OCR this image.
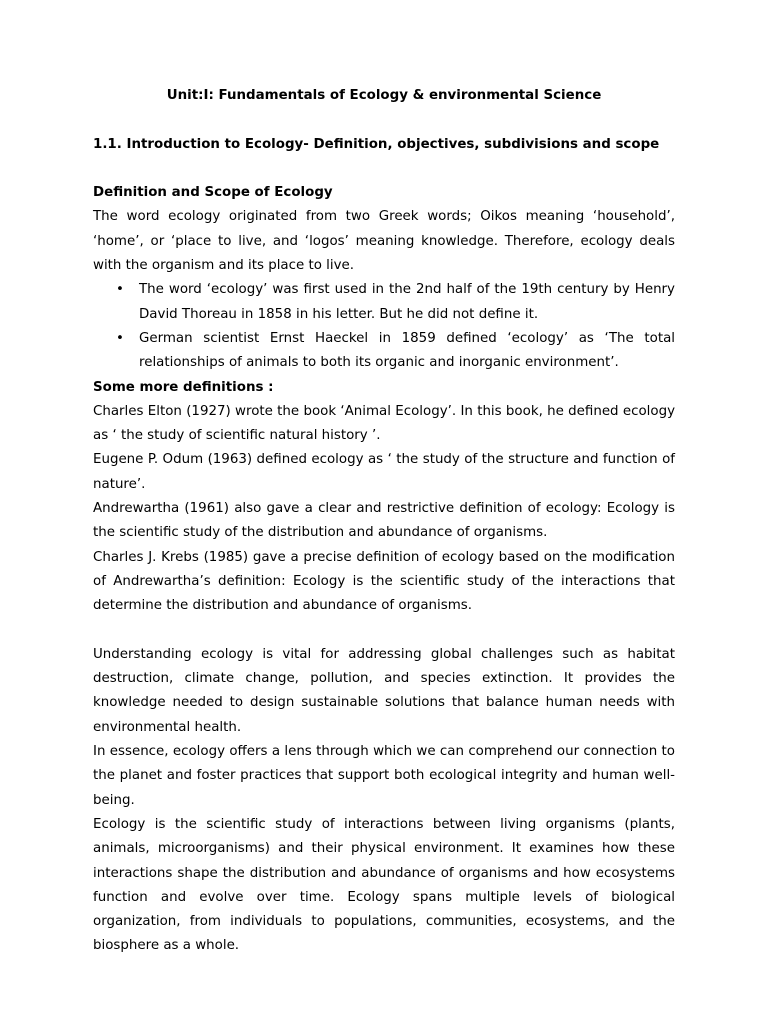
Unit:I: Fundamentals of Ecology & environmental Science

1.1. Introduction to Ecology- Definition, objectives, subdivisions and scope

Definition and Scope of Ecology

The word ecology originated from two Greek words; Oikos meaning ‘household’, ‘home’, or ‘place to live, and ‘logos’ meaning knowledge. Therefore, ecology deals with the organism and its place to live.

• The word ‘ecology’ was first used in the 2nd half of the 19th century by Henry David Thoreau in 1858 in his letter. But he did not define it.
• German scientist Ernst Haeckel in 1859 defined ‘ecology’ as ‘The total relationships of animals to both its organic and inorganic environment’.

Some more definitions :

Charles Elton (1927) wrote the book ‘Animal Ecology’. In this book, he defined ecology as ‘ the study of scientific natural history ’.

Eugene P. Odum (1963) defined ecology as ‘ the study of the structure and function of nature’.

Andrewartha (1961) also gave a clear and restrictive definition of ecology: Ecology is the scientific study of the distribution and abundance of organisms.

Charles J. Krebs (1985) gave a precise definition of ecology based on the modification of Andrewartha’s definition: Ecology is the scientific study of the interactions that determine the distribution and abundance of organisms.

Understanding ecology is vital for addressing global challenges such as habitat destruction, climate change, pollution, and species extinction. It provides the knowledge needed to design sustainable solutions that balance human needs with environmental health.

In essence, ecology offers a lens through which we can comprehend our connection to the planet and foster practices that support both ecological integrity and human well-being.

Ecology is the scientific study of interactions between living organisms (plants, animals, microorganisms) and their physical environment. It examines how these interactions shape the distribution and abundance of organisms and how ecosystems function and evolve over time. Ecology spans multiple levels of biological organization, from individuals to populations, communities, ecosystems, and the biosphere as a whole.
